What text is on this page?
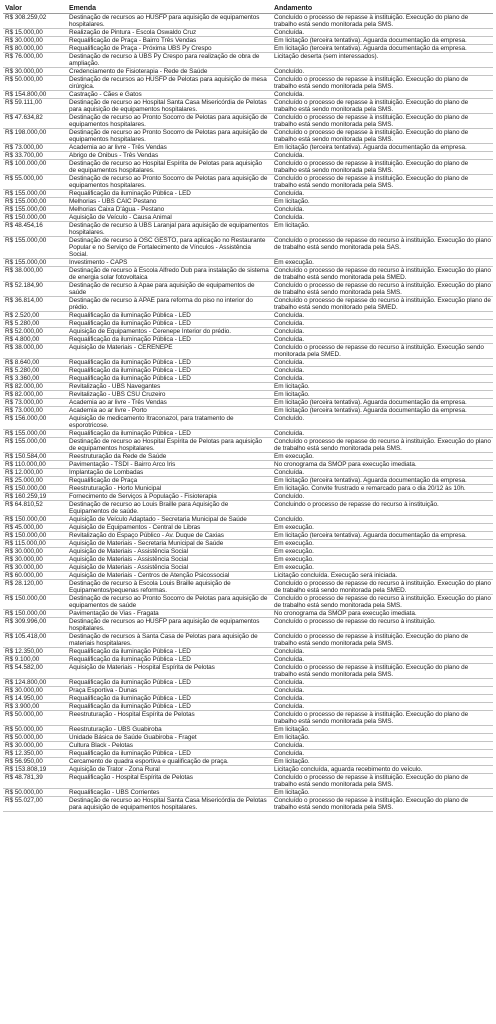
Valor	Emenda	Andamento
R$ 308.259,02	Destinação de recursos ao HUSFP para aquisição de equipamentos hospitalares.	Concluído o processo de repasse à instituição. Execução do plano de trabalho está sendo monitorada pela SMS.
R$ 15.000,00	Realização de Pintura - Escola Oswaldo Cruz	Concluída.
R$ 30.000,00	Requalificação de Praça - Bairro Três Vendas	Em licitação (terceira tentativa). Aguarda documentação da empresa.
R$ 80.000,00	Requalificação de Praça - Próxima UBS Py Crespo	Em licitação (terceira tentativa). Aguarda documentação da empresa.
R$ 76.000,00	Destinação de recurso à UBS Py Crespo para realização de obra de ampliação.	Licitação deserta (sem interessados).
R$ 30.000,00	Credenciamento de Fisioterapia - Rede de Saúde	Concluído.
R$ 50.000,00	Destinação de recursos ao HUSFP de Pelotas para aquisição de mesa cirúrgica.	Concluído o processo de repasse à instituição. Execução do plano de trabalho está sendo monitorada pela SMS.
R$ 154.800,00	Castração - Cães e Gatos	Concluída.
R$ 59.111,00	Destinação de recurso ao Hospital Santa Casa Misericórdia de Pelotas para aquisição de equipamentos hospitalares.	Concluído o processo de repasse à instituição. Execução do plano de trabalho está sendo monitorada pela SMS.
R$ 47.634,82	Destinação de recurso ao Pronto Socorro de Pelotas para aquisição de equipamentos hospitalares.	Concluído o processo de repasse à instituição. Execução do plano de trabalho está sendo monitorada pela SMS.
R$ 198.000,00	Destinação de recurso ao Pronto Socorro de Pelotas para aquisição de equipamentos hospitalares.	Concluído o processo de repasse à instituição. Execução do plano de trabalho está sendo monitorada pela SMS.
R$ 73.000,00	Academia ao ar livre - Três Vendas	Em licitação (terceira tentativa). Aguarda documentação da empresa.
R$ 33.700,00	Abrigo de Ônibus - Três Vendas	Concluída.
R$ 100.000,00	Destinação de recurso ao Hospital Espírita de Pelotas para aquisição de equipamentos hospitalares.	Concluído o processo de repasse à instituição. Execução do plano de trabalho está sendo monitorada pela SMS.
R$ 55.000,00	Destinação de recurso ao Pronto Socorro de Pelotas para aquisição de equipamentos hospitalares.	Concluído o processo de repasse à instituição. Execução do plano de trabalho está sendo monitorada pela SMS.
R$ 155.000,00	Requalificação da iluminação Pública - LED	Concluída.
R$ 155.000,00	Melhorias - UBS CAIC Pestano	Em licitação.
R$ 155.000,00	Melhorias Caixa D'água - Pestano	Concluída.
R$ 150.000,00	Aquisição de Veículo - Causa Animal	Concluída.
R$ 48.454,16	Destinação de recurso à UBS Laranjal para aquisição de equipamentos hospitalares.	Em licitação.
R$ 155.000,00	Destinação de recurso à OSC GESTO, para aplicação no Restaurante Popular e no Serviço de Fortalecimento de Vínculos - Assistência Social.	Concluído o processo de repasse do recurso à instituição. Execução do plano de trabalho está sendo monitorada pela SAS.
R$ 155.000,00	Investimento - CAPS	Em execução.
R$ 38.000,00	Destinação de recurso à Escola Alfredo Dub para instalação de sistema de energia solar fotovoltaica	Concluído o processo de repasse do recurso à instituição. Execução do plano de trabalho está sendo monitorada pela SMED.
R$ 52.184,90	Destinação de recurso à Apae para aquisição de equipamentos de saúde	Concluído o processo de repasse do recurso à instituição. Execução do plano de trabalho está sendo monitorada pela SMS.
R$ 36.814,00	Destinação de recurso à APAE para reforma do piso no interior do prédio.	Concluído o processo de repasse do recurso à instituição. Execução plano de trabalho está sendo monitorado pela SMED.
R$ 2.520,00	Requalificação da iluminação Pública - LED	Concluída.
R$ 5.280,00	Requalificação da iluminação Pública - LED	Concluída.
R$ 52.000,00	Aquisição de Equipamentos - Cerenepe Interior do prédio.	Concluída.
R$ 4.800,00	Requalificação da iluminação Pública - LED	Concluída.
R$ 38.000,00	Aquisição de Materiais - CERENEPE	Concluído o processo de repasse do recurso à instituição. Execução sendo monitorada pela SMED.
R$ 8.640,00	Requalificação da iluminação Pública - LED	Concluída.
R$ 5.280,00	Requalificação da iluminação Pública - LED	Concluída.
R$ 3.360,00	Requalificação da iluminação Pública - LED	Concluída.
R$ 82.000,00	Revitalização - UBS Navegantes	Em licitação.
R$ 82.000,00	Revitalização - UBS CSU Cruzeiro	Em licitação.
R$ 73.000,00	Academia ao ar livre - Três Vendas	Em licitação (terceira tentativa). Aguarda documentação da empresa.
R$ 73.000,00	Academia ao ar livre - Porto	Em licitação (terceira tentativa). Aguarda documentação da empresa.
R$ 156.000,00	Aquisição de medicamento Itraconazol, para tratamento de esporotricose.	Concluído.
R$ 155.000,00	Requalificação da iluminação Pública - LED	Concluída.
R$ 155.000,00	Destinação de recurso ao Hospital Espírita de Pelotas para aquisição de equipamentos hospitalares.	Concluído o processo de repasse do recurso à instituição. Execução do plano de trabalho está sendo monitorada pela SMS.
R$ 150.584,00	Reestruturação da Rede de Saúde	Em execução.
R$ 110.000,00	Pavimentação - TSDI - Bairro Arco Íris	No cronograma da SMOP para execução imediata.
R$ 12.000,00	Implantação de Lombadas	Concluída.
R$ 25.000,00	Requalificação de Praça	Em licitação (terceira tentativa). Aguarda documentação da empresa.
R$ 150.000,00	Reestruturação - Horto Municipal	Em licitação. Convite frustrado e remarcado para o dia 20/12 às 10h.
R$ 160.259,19	Fornecimento de Serviços à População - Fisioterapia	Concluído.
R$ 64.810,52	Destinação de recurso ao Louis Braille para Aquisição de Equipamentos de saúde.	Concluindo o processo de repasse do recurso à instituição.
R$ 150.000,00	Aquisição de Veículo Adaptado - Secretaria Municipal de Saúde	Concluído.
R$ 45.000,00	Aquisição de Equipamentos - Central de Libras	Em execução.
R$ 150.000,00	Revitalização do Espaço Público - Av. Duque de Caxias	Em licitação (terceira tentativa). Aguarda documentação da empresa.
R$ 115.000,00	Aquisição de Materiais - Secretaria Municipal de Saúde	Em execução.
R$ 30.000,00	Aquisição de Materiais - Assistência Social	Em execução.
R$ 30.000,00	Aquisição de Materiais - Assistência Social	Em execução.
R$ 30.000,00	Aquisição de Materiais - Assistência Social	Em execução.
R$ 60.000,00	Aquisição de Materiais - Centros de Atenção Psicossocial	Licitação concluída. Execução será iniciada.
R$ 28.120,00	Destinação de recurso à Escola Louis Braille aquisição de Equipamentos/pequenas reformas.	Concluído o processo de repasse do recurso à instituição. Execução do plano de trabalho está sendo monitorada pela SMED.
R$ 150.000,00	Destinação de recurso ao Pronto Socorro de Pelotas para aquisição de equipamentos de saúde	Concluído o processo de repasse do recurso à instituição. Execução do plano de trabalho está sendo monitorada pela SMS.
R$ 150.000,00	Pavimentação de Vias - Fragata	No cronograma da SMOP para execução imediata.
R$ 309.996,00	Destinação de recursos ao HUSFP para aquisição de equipamentos hospitalares.	Concluído o processo de repasse do recurso à instituição.
R$ 105.418,00	Destinação de recursos à Santa Casa de Pelotas para aquisição de materiais hospitalares.	Concluído o processo de repasse à instituição. Execução do plano de trabalho está sendo monitorada pela SMS.
R$ 12.350,00	Requalificação da iluminação Pública - LED	Concluída.
R$ 9.100,00	Requalificação da iluminação Pública - LED	Concluída.
R$ 54.582,00	Aquisição de Materiais - Hospital Espírita de Pelotas	Concluído o processo de repasse à instituição. Execução do plano de trabalho está sendo monitorada pela SMS.
R$ 124.800,00	Requalificação da iluminação Pública - LED	Concluída.
R$ 30.000,00	Praça Esportiva - Dunas	Concluída.
R$ 14.950,00	Requalificação da iluminação Pública - LED	Concluída.
R$ 3.900,00	Requalificação da iluminação Pública - LED	Concluída.
R$ 50.000,00	Reestruturação - Hospital Espírita de Pelotas	Concluído o processo de repasse à instituição. Execução do plano de trabalho está sendo monitorada pela SMS.
R$ 50.000,00	Reestruturação - UBS Guabiroba	Em licitação.
R$ 50.000,00	Unidade Básica de Saúde Guabiroba - Fraget	Em licitação.
R$ 30.000,00	Cultura Black - Pelotas	Concluída.
R$ 12.350,00	Requalificação da iluminação Pública - LED	Concluída.
R$ 56.950,00	Cercamento de quadra esportiva e qualificação de praça.	Em licitação.
R$ 153.808,19	Aquisição de Trator - Zona Rural	Licitação concluída, aguarda recebimento do veículo.
R$ 48.781,39	Requalificação - Hospital Espírita de Pelotas	Concluído o processo de repasse à instituição. Execução do plano de trabalho está sendo monitorada pela SMS.
R$ 50.000,00	Requalificação - UBS Corrientes	Em licitação.
R$ 55.027,00	Destinação de recurso ao Hospital Santa Casa Misericórdia de Pelotas para aquisição de equipamentos hospitalares.	Concluído o processo de repasse à instituição. Execução do plano de trabalho está sendo monitorada pela SMS.
